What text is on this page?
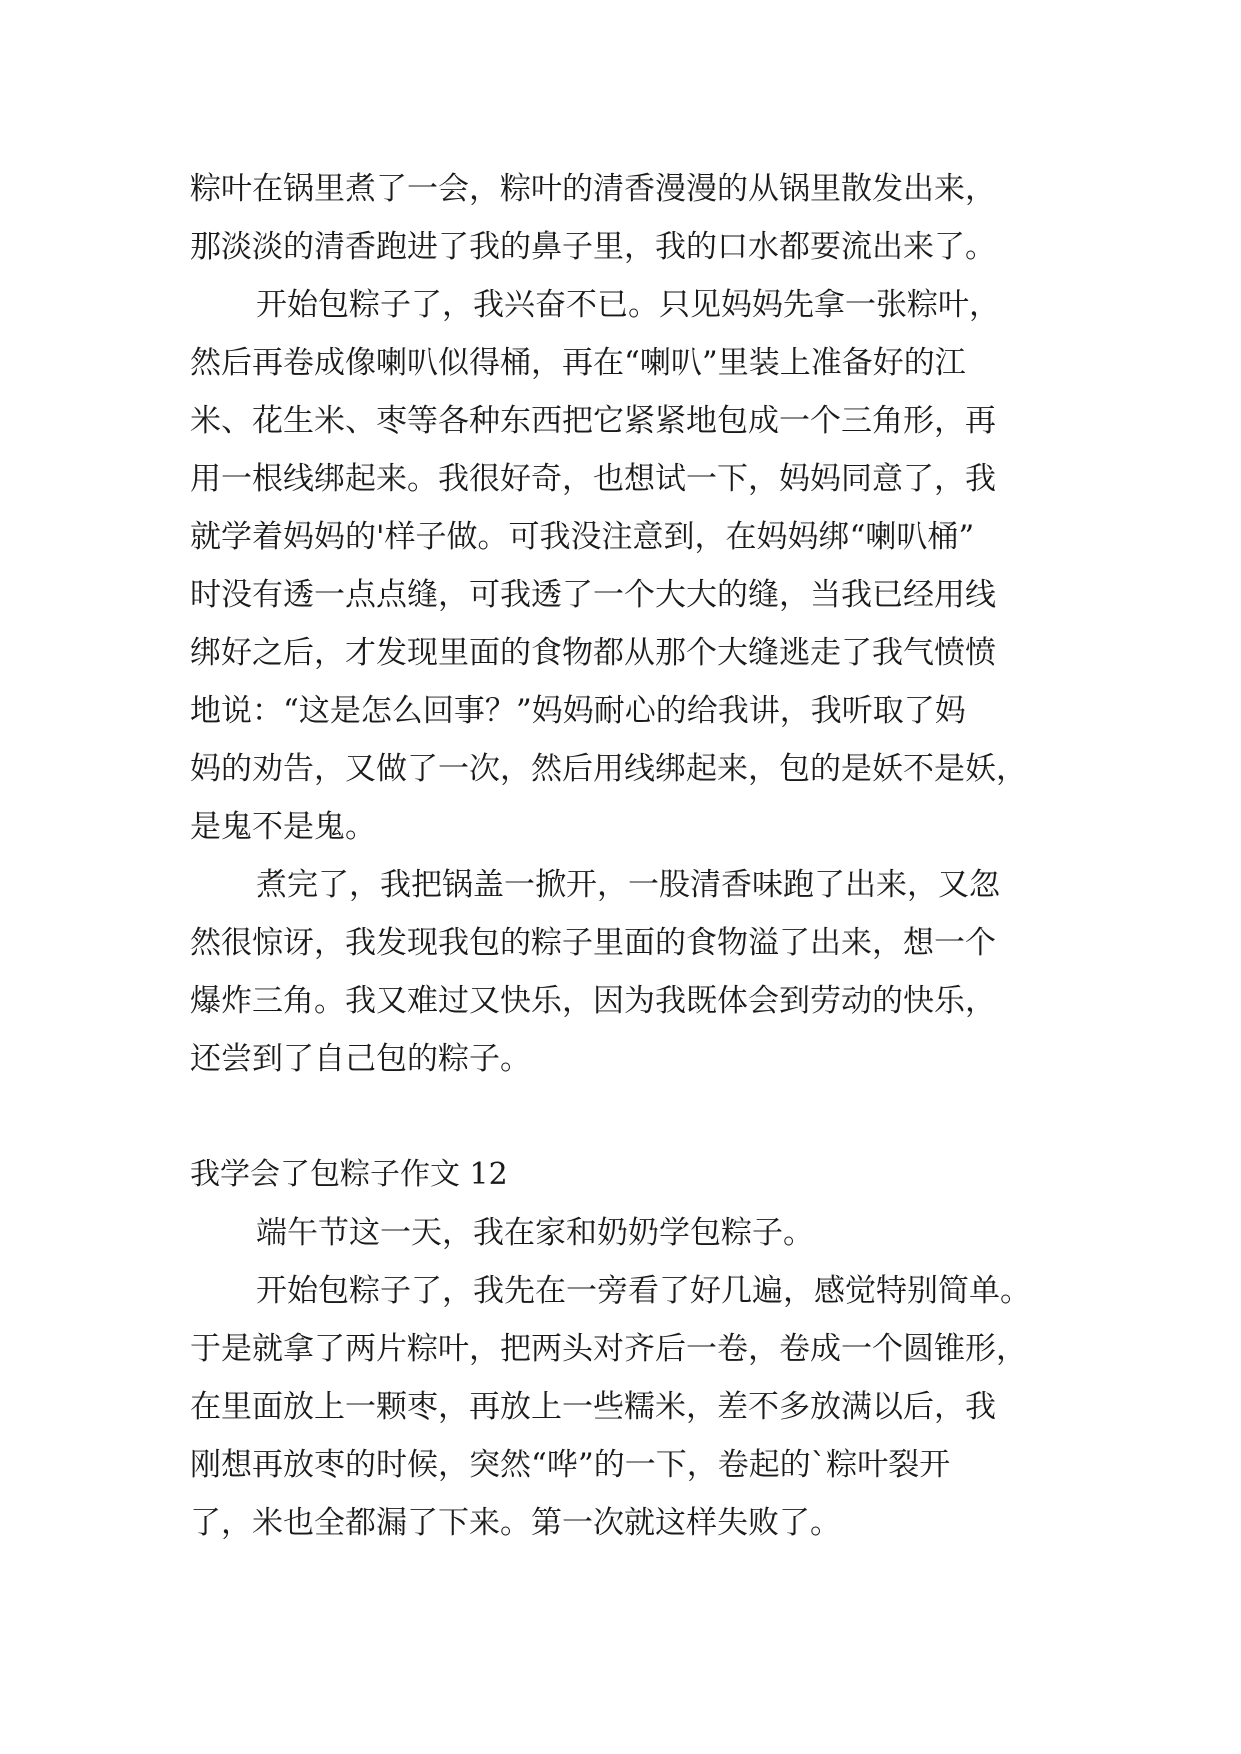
粽叶在锅里煮了一会，粽叶的清香漫漫的从锅里散发出来，
那淡淡的清香跑进了我的鼻子里，我的口水都要流出来了。
开始包粽子了，我兴奋不已。只见妈妈先拿一张粽叶，
然后再卷成像喇叭似得桶，再在“喇叭”里装上准备好的江
米、花生米、枣等各种东西把它紧紧地包成一个三角形，再
用一根线绑起来。我很好奇，也想试一下，妈妈同意了，我
就学着妈妈的'样子做。可我没注意到，在妈妈绑“喇叭桶”
时没有透一点点缝，可我透了一个大大的缝，当我已经用线
绑好之后，才发现里面的食物都从那个大缝逃走了我气愤愤
地说：“这是怎么回事？”妈妈耐心的给我讲，我听取了妈
妈的劝告，又做了一次，然后用线绑起来，包的是妖不是妖，
是鬼不是鬼。
煮完了，我把锅盖一掀开，一股清香味跑了出来，又忽
然很惊讶，我发现我包的粽子里面的食物溢了出来，想一个
爆炸三角。我又难过又快乐，因为我既体会到劳动的快乐，
还尝到了自己包的粽子。
我学会了包粽子作文 12
端午节这一天，我在家和奶奶学包粽子。
开始包粽子了，我先在一旁看了好几遍，感觉特别简单。
于是就拿了两片粽叶，把两头对齐后一卷，卷成一个圆锥形，
在里面放上一颗枣，再放上一些糯米，差不多放满以后，我
刚想再放枣的时候，突然“哗”的一下，卷起的`粽叶裂开
了，米也全都漏了下来。第一次就这样失败了。
